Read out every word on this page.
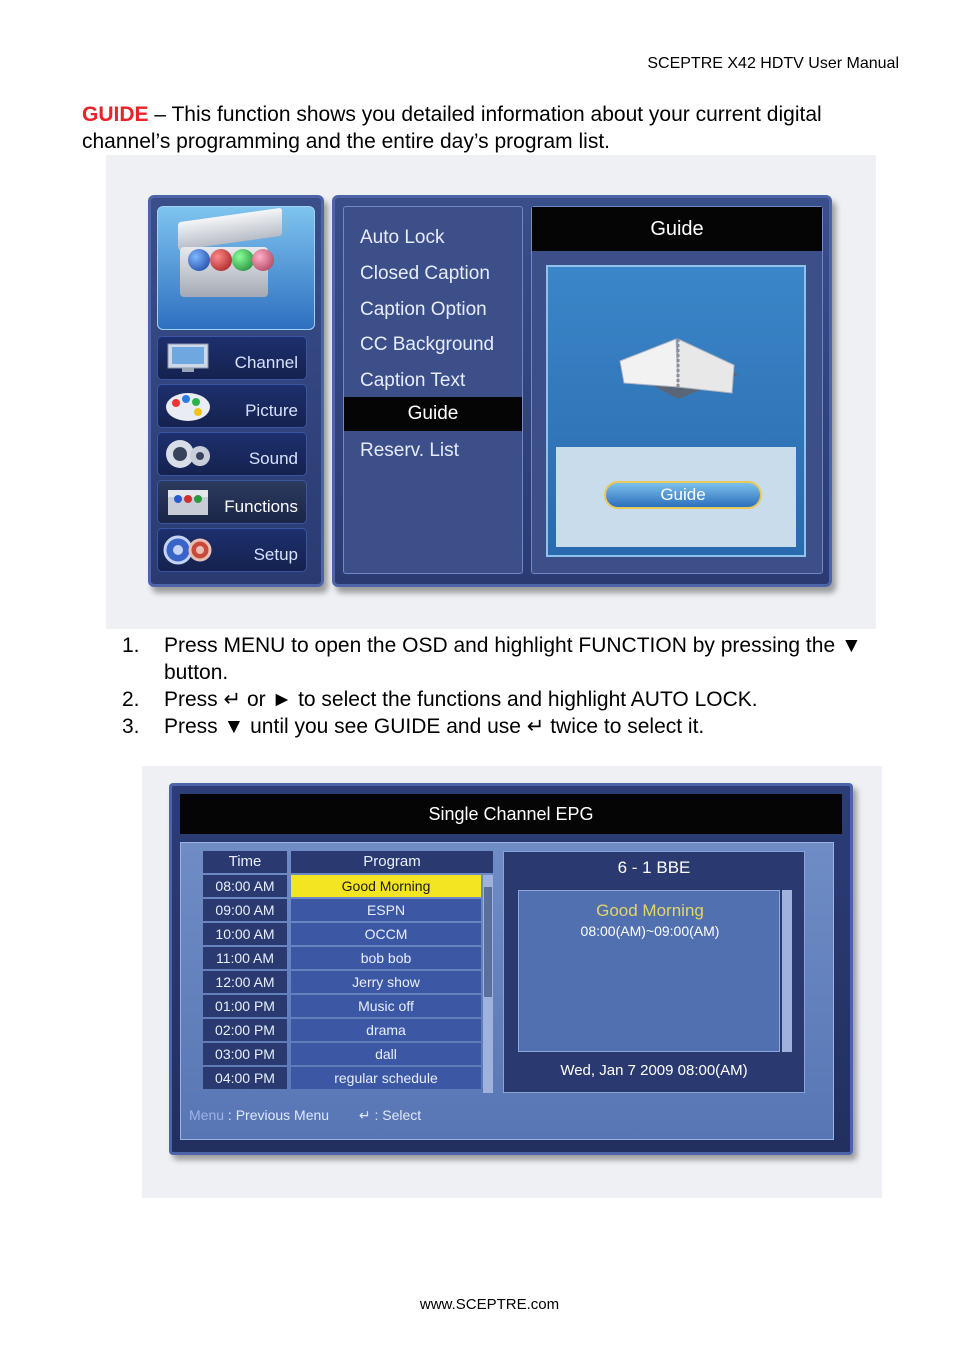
SCEPTRE X42 HDTV User Manual
GUIDE – This function shows you detailed information about your current digital channel’s programming and the entire day’s program list.
Channel
Picture
Sound
Functions
Setup
Auto Lock
Closed Caption
Caption Option
CC Background
Caption Text
Guide
Reserv. List
Guide
Guide
1. Press MENU to open the OSD and highlight FUNCTION by pressing the ▼ button.
2. Press ↵ or ► to select the functions and highlight AUTO LOCK.
3. Press ▼ until you see GUIDE and use ↵ twice to select it.
Single Channel EPG
Time	Program
08:00 AM	Good Morning
09:00 AM	ESPN
10:00 AM	OCCM
11:00 AM	bob bob
12:00 AM	Jerry show
01:00 PM	Music off
02:00 PM	drama
03:00 PM	dall
04:00 PM	regular schedule
6 - 1 BBE
Good Morning
08:00(AM)~09:00(AM)
Wed, Jan 7 2009 08:00(AM)
Menu : Previous Menu ↵ : Select
www.SCEPTRE.com
